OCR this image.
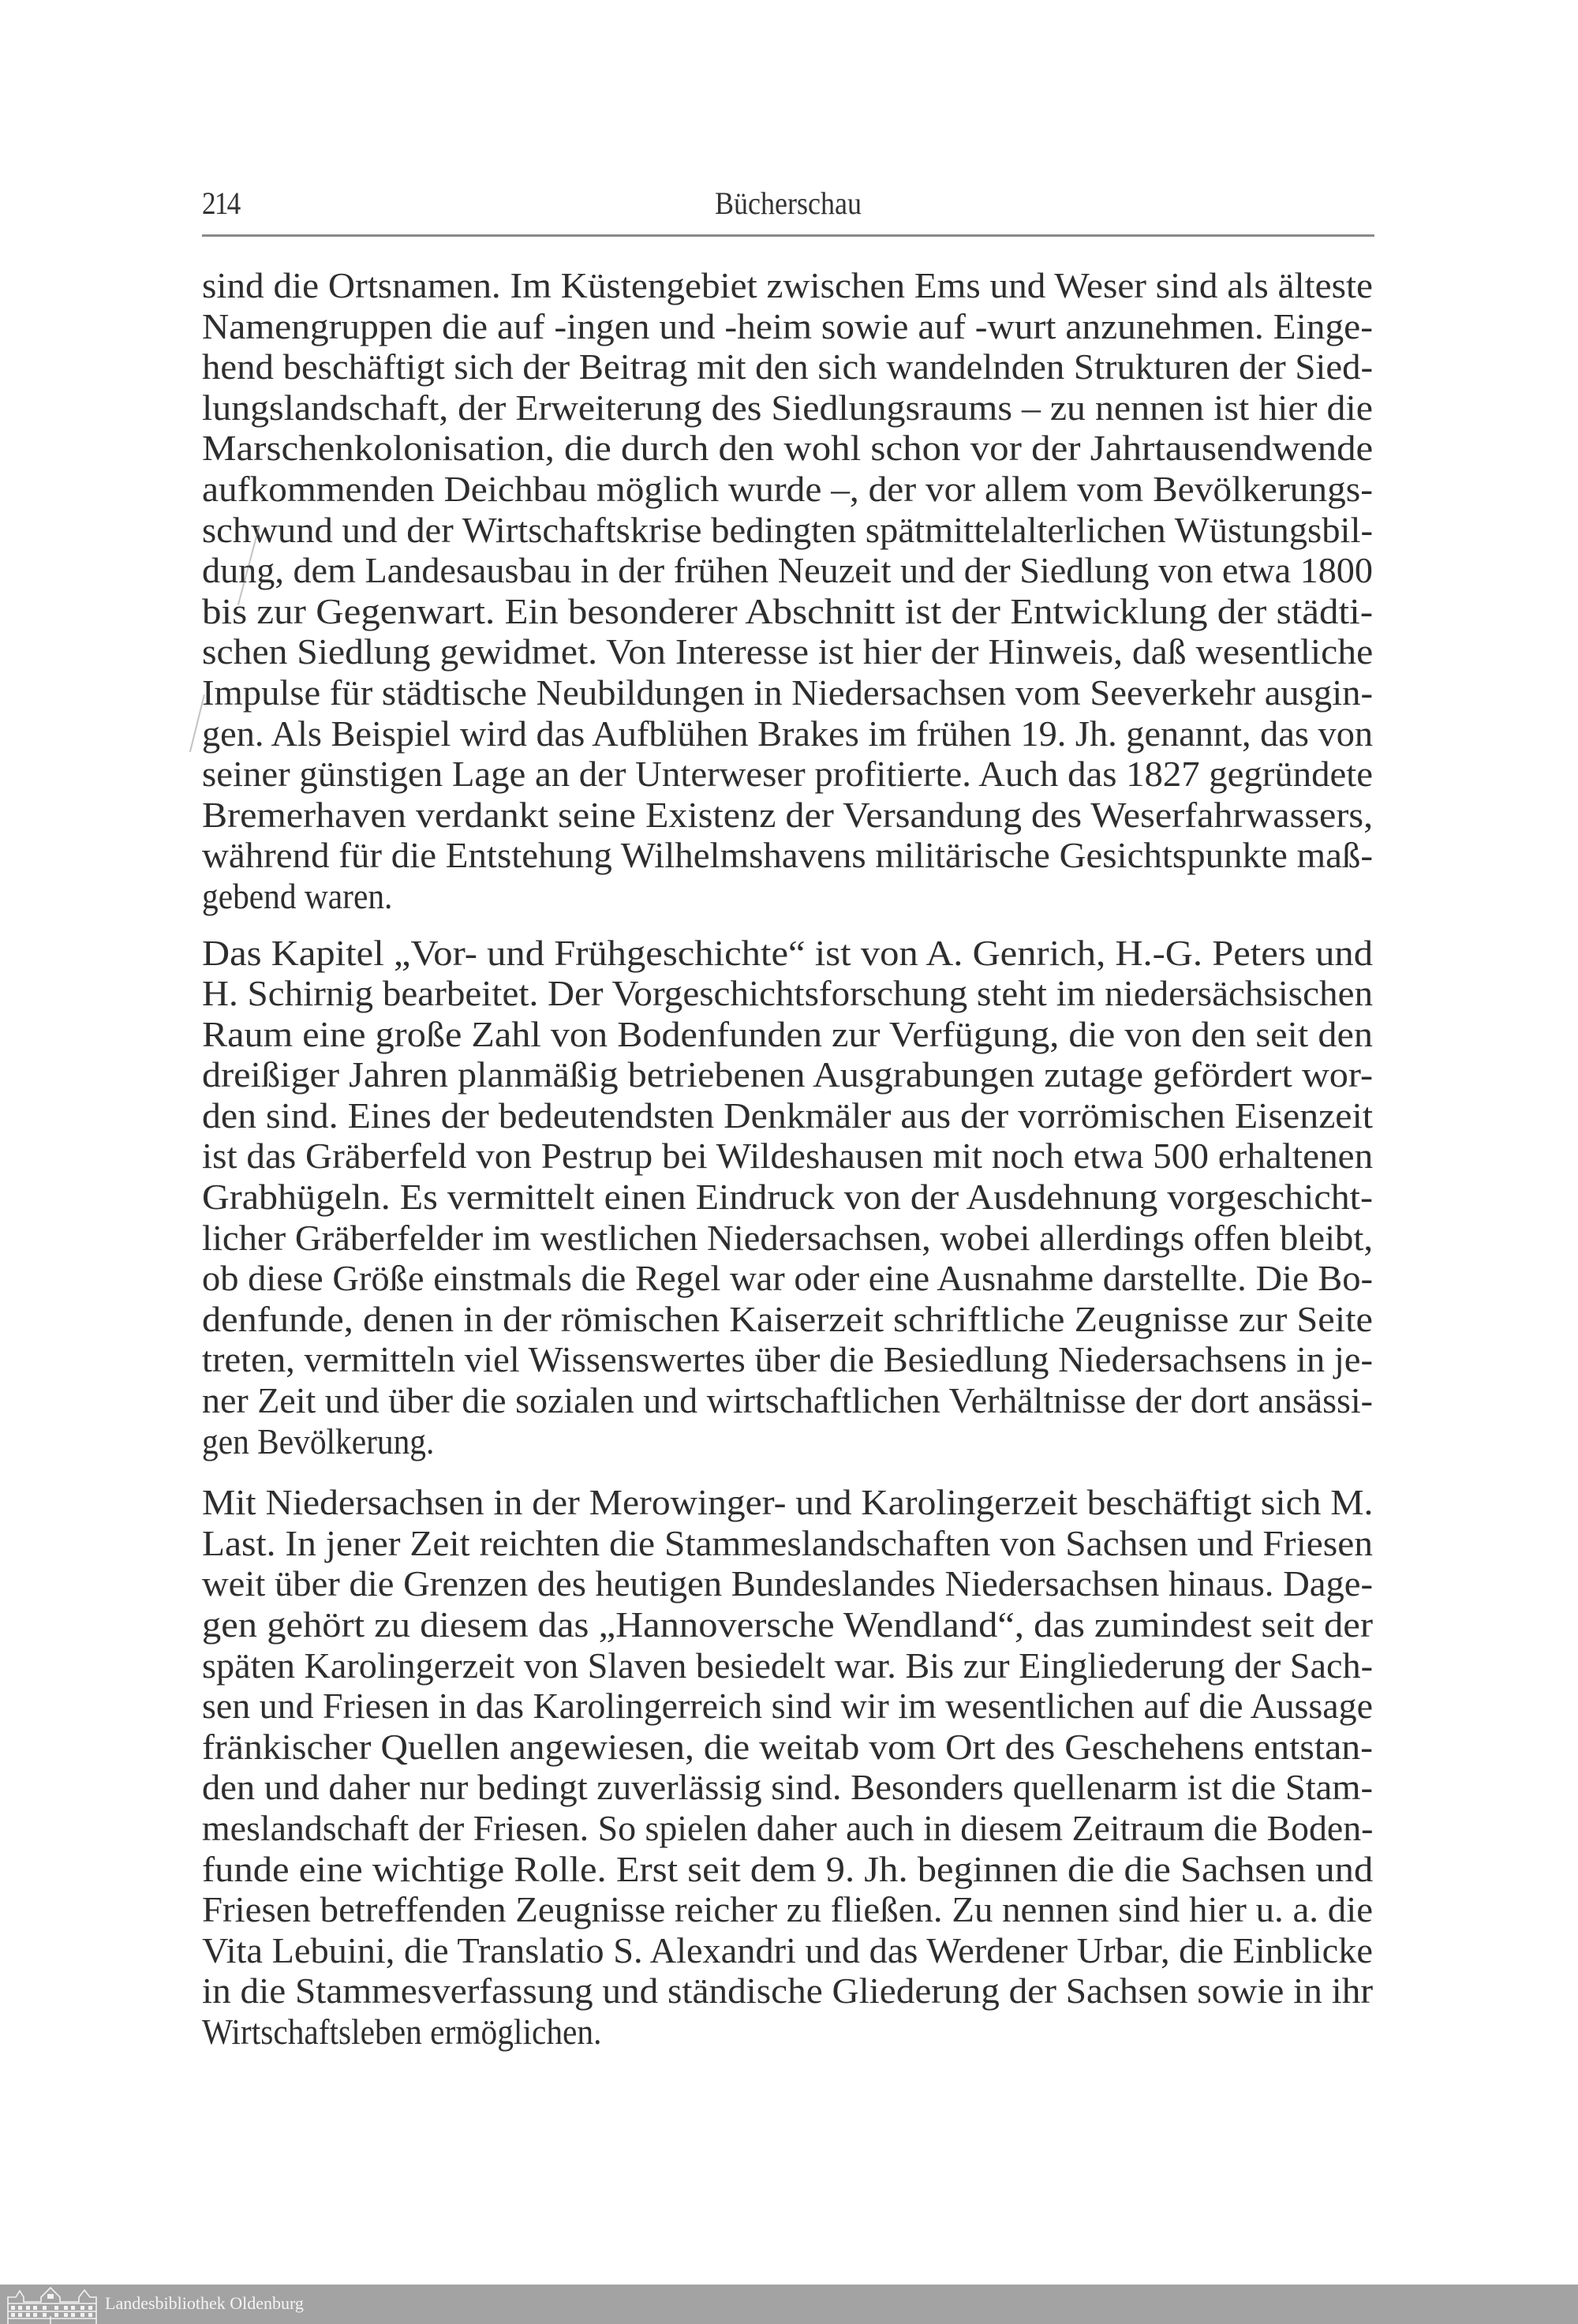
214	Bücherschau
sind die Ortsnamen. Im Küstengebiet zwischen Ems und Weser sind als älteste
Namengruppen die auf -ingen und -heim sowie auf -wurt anzunehmen. Einge-
hend beschäftigt sich der Beitrag mit den sich wandelnden Strukturen der Sied-
lungslandschaft, der Erweiterung des Siedlungsraums – zu nennen ist hier die
Marschenkolonisation, die durch den wohl schon vor der Jahrtausendwende
aufkommenden Deichbau möglich wurde –, der vor allem vom Bevölkerungs-
schwund und der Wirtschaftskrise bedingten spätmittelalterlichen Wüstungsbil-
dung, dem Landesausbau in der frühen Neuzeit und der Siedlung von etwa 1800
bis zur Gegenwart. Ein besonderer Abschnitt ist der Entwicklung der städti-
schen Siedlung gewidmet. Von Interesse ist hier der Hinweis, daß wesentliche
Impulse für städtische Neubildungen in Niedersachsen vom Seeverkehr ausgin-
gen. Als Beispiel wird das Aufblühen Brakes im frühen 19. Jh. genannt, das von
seiner günstigen Lage an der Unterweser profitierte. Auch das 1827 gegründete
Bremerhaven verdankt seine Existenz der Versandung des Weserfahrwassers,
während für die Entstehung Wilhelmshavens militärische Gesichtspunkte maß-
gebend waren.
Das Kapitel „Vor- und Frühgeschichte“ ist von A. Genrich, H.-G. Peters und
H. Schirnig bearbeitet. Der Vorgeschichtsforschung steht im niedersächsischen
Raum eine große Zahl von Bodenfunden zur Verfügung, die von den seit den
dreißiger Jahren planmäßig betriebenen Ausgrabungen zutage gefördert wor-
den sind. Eines der bedeutendsten Denkmäler aus der vorrömischen Eisenzeit
ist das Gräberfeld von Pestrup bei Wildeshausen mit noch etwa 500 erhaltenen
Grabhügeln. Es vermittelt einen Eindruck von der Ausdehnung vorgeschicht-
licher Gräberfelder im westlichen Niedersachsen, wobei allerdings offen bleibt,
ob diese Größe einstmals die Regel war oder eine Ausnahme darstellte. Die Bo-
denfunde, denen in der römischen Kaiserzeit schriftliche Zeugnisse zur Seite
treten, vermitteln viel Wissenswertes über die Besiedlung Niedersachsens in je-
ner Zeit und über die sozialen und wirtschaftlichen Verhältnisse der dort ansässi-
gen Bevölkerung.
Mit Niedersachsen in der Merowinger- und Karolingerzeit beschäftigt sich M.
Last. In jener Zeit reichten die Stammeslandschaften von Sachsen und Friesen
weit über die Grenzen des heutigen Bundeslandes Niedersachsen hinaus. Dage-
gen gehört zu diesem das „Hannoversche Wendland“, das zumindest seit der
späten Karolingerzeit von Slaven besiedelt war. Bis zur Eingliederung der Sach-
sen und Friesen in das Karolingerreich sind wir im wesentlichen auf die Aussage
fränkischer Quellen angewiesen, die weitab vom Ort des Geschehens entstan-
den und daher nur bedingt zuverlässig sind. Besonders quellenarm ist die Stam-
meslandschaft der Friesen. So spielen daher auch in diesem Zeitraum die Boden-
funde eine wichtige Rolle. Erst seit dem 9. Jh. beginnen die die Sachsen und
Friesen betreffenden Zeugnisse reicher zu fließen. Zu nennen sind hier u. a. die
Vita Lebuini, die Translatio S. Alexandri und das Werdener Urbar, die Einblicke
in die Stammesverfassung und ständische Gliederung der Sachsen sowie in ihr
Wirtschaftsleben ermöglichen.
Landesbibliothek Oldenburg
